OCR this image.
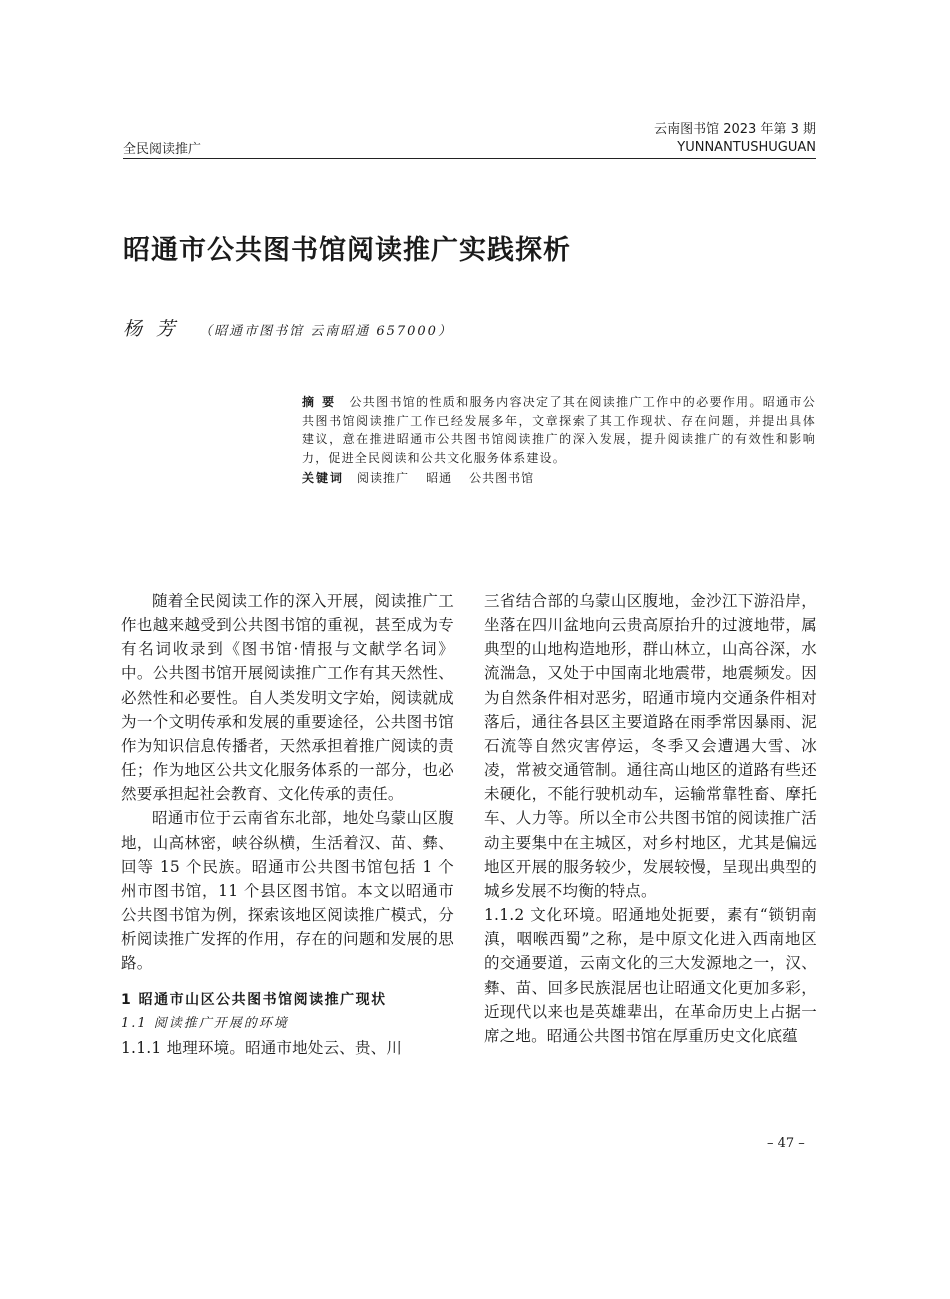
全民阅读推广
云南图书馆 2023 年第 3 期
YUNNANTUSHUGUAN
昭通市公共图书馆阅读推广实践探析
杨芳 （昭通市图书馆 云南昭通 657000）
摘要 公共图书馆的性质和服务内容决定了其在阅读推广工作中的必要作用。昭通市公共图书馆阅读推广工作已经发展多年，文章探索了其工作现状、存在问题，并提出具体建议，意在推进昭通市公共图书馆阅读推广的深入发展，提升阅读推广的有效性和影响力，促进全民阅读和公共文化服务体系建设。
关键词 阅读推广 昭通 公共图书馆

随着全民阅读工作的深入开展，阅读推广工作也越来越受到公共图书馆的重视，甚至成为专有名词收录到《图书馆·情报与文献学名词》中。公共图书馆开展阅读推广工作有其天然性、必然性和必要性。自人类发明文字始，阅读就成为一个文明传承和发展的重要途径，公共图书馆作为知识信息传播者，天然承担着推广阅读的责任；作为地区公共文化服务体系的一部分，也必然要承担起社会教育、文化传承的责任。

昭通市位于云南省东北部，地处乌蒙山区腹地，山高林密，峡谷纵横，生活着汉、苗、彝、回等 15 个民族。昭通市公共图书馆包括 1 个州市图书馆，11 个县区图书馆。本文以昭通市公共图书馆为例，探索该地区阅读推广模式，分析阅读推广发挥的作用，存在的问题和发展的思路。

1 昭通市山区公共图书馆阅读推广现状
1.1 阅读推广开展的环境

1.1.1 地理环境。昭通市地处云、贵、川

三省结合部的乌蒙山区腹地，金沙江下游沿岸，坐落在四川盆地向云贵高原抬升的过渡地带，属典型的山地构造地形，群山林立，山高谷深，水流湍急，又处于中国南北地震带，地震频发。因为自然条件相对恶劣，昭通市境内交通条件相对落后，通往各县区主要道路在雨季常因暴雨、泥石流等自然灾害停运，冬季又会遭遇大雪、冰凌，常被交通管制。通往高山地区的道路有些还未硬化，不能行驶机动车，运输常靠牲畜、摩托车、人力等。所以全市公共图书馆的阅读推广活动主要集中在主城区，对乡村地区，尤其是偏远地区开展的服务较少，发展较慢，呈现出典型的城乡发展不均衡的特点。

1.1.2 文化环境。昭通地处扼要，素有“锁钥南滇，咽喉西蜀”之称，是中原文化进入西南地区的交通要道，云南文化的三大发源地之一，汉、彝、苗、回多民族混居也让昭通文化更加多彩，近现代以来也是英雄辈出，在革命历史上占据一席之地。昭通公共图书馆在厚重历史文化底蕴

– 47 –
